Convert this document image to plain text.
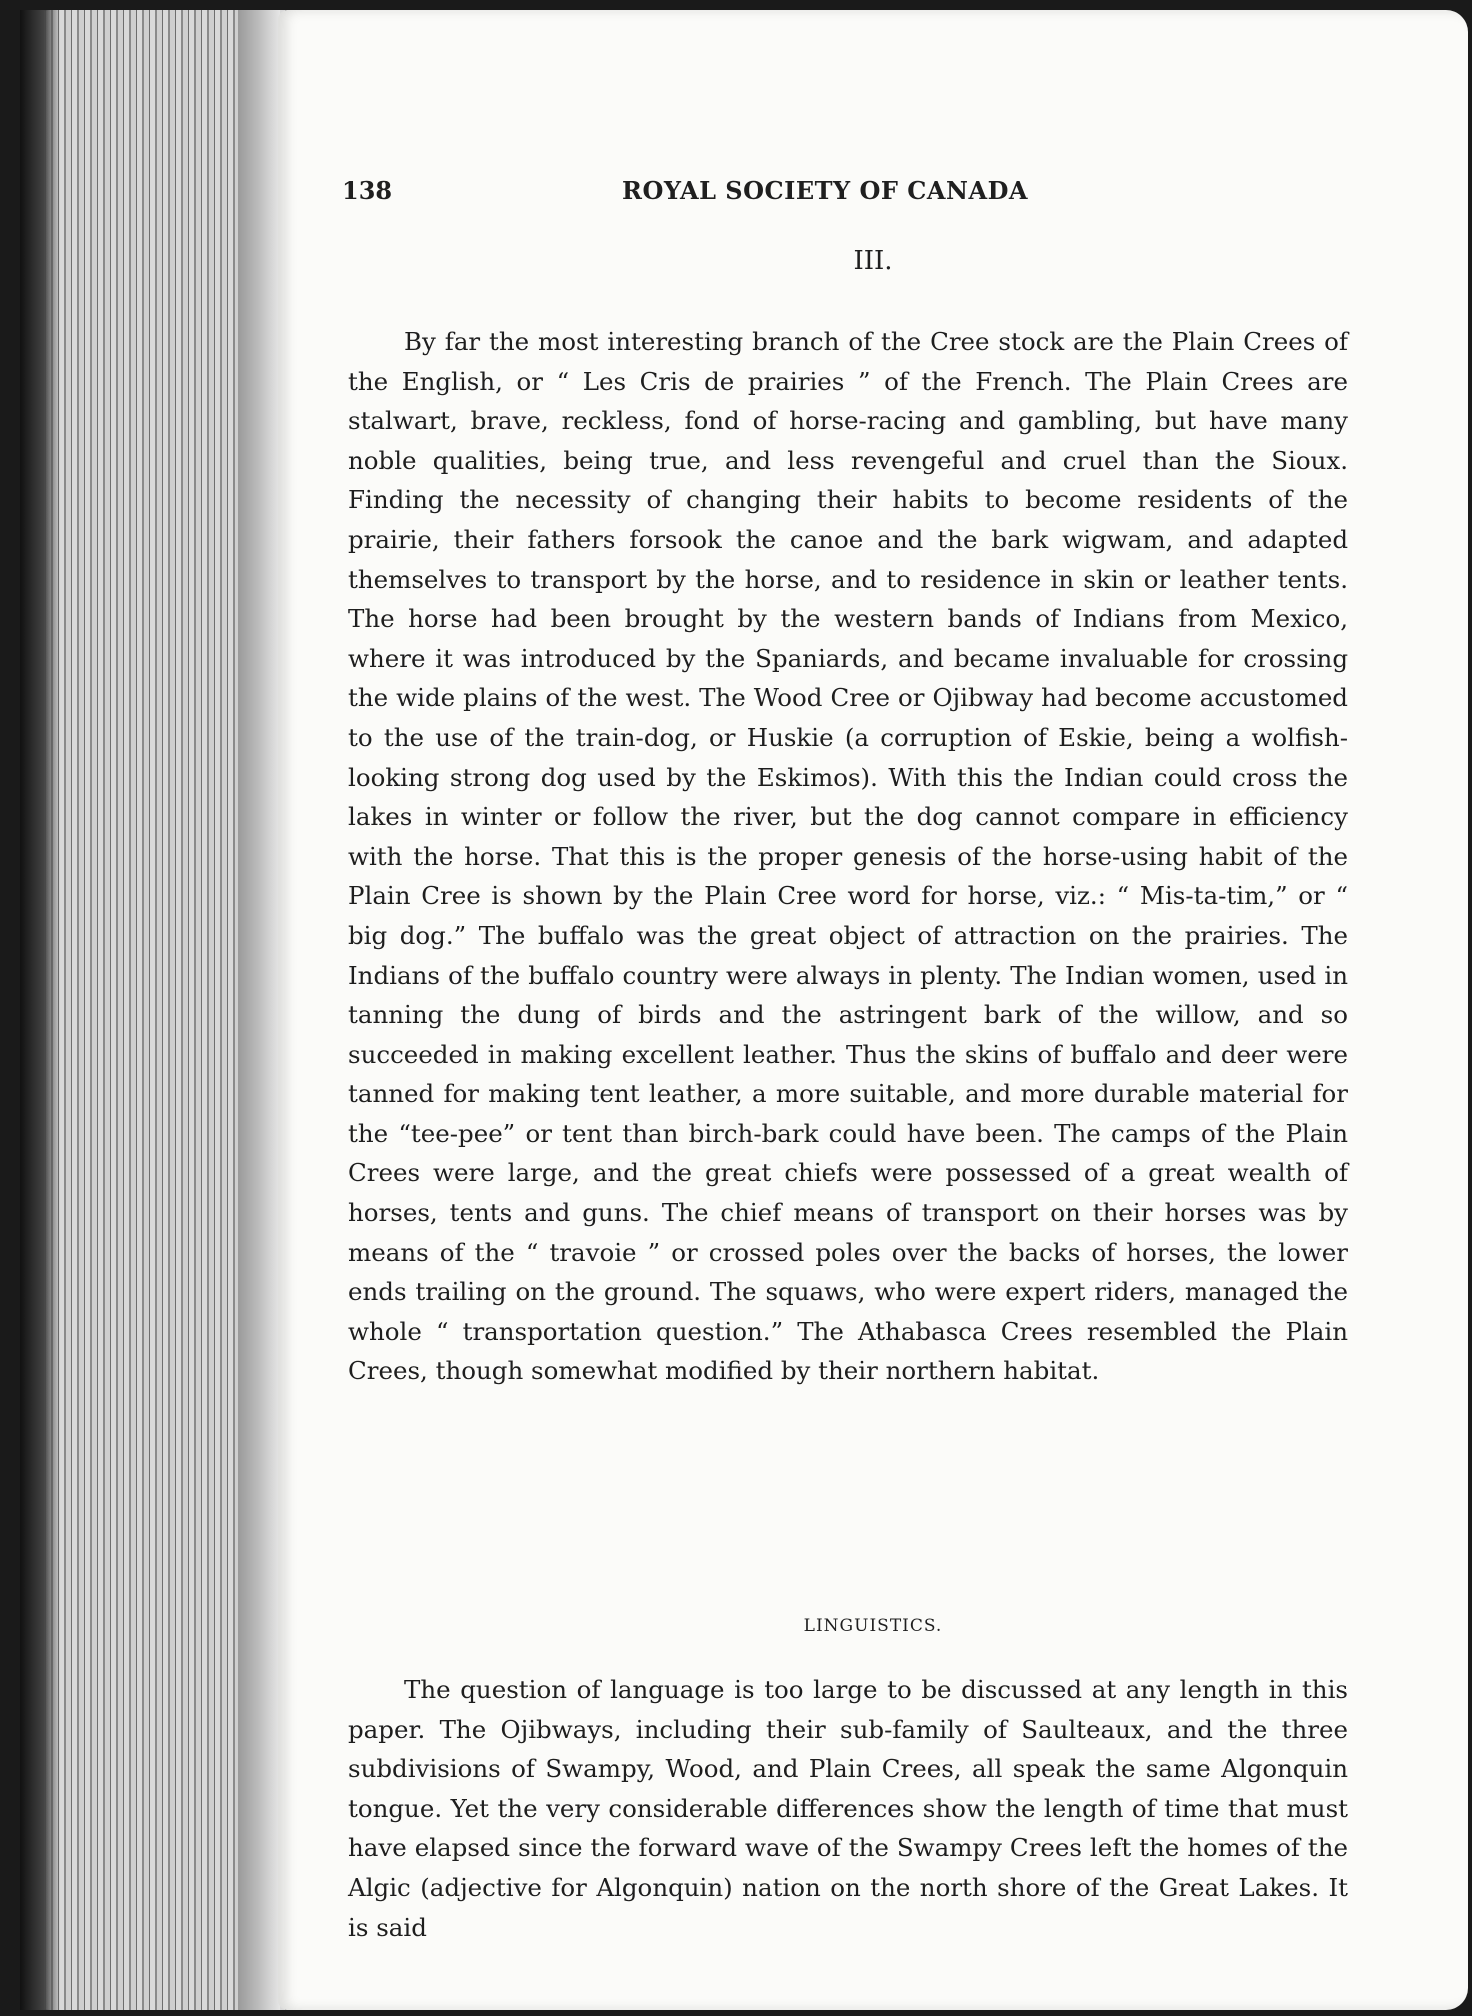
138	ROYAL SOCIETY OF CANADA
III.

By far the most interesting branch of the Cree stock are the Plain Crees of the English, or “ Les Cris de prairies ” of the French. The Plain Crees are stalwart, brave, reckless, fond of horse-racing and gambling, but have many noble qualities, being true, and less revengeful and cruel than the Sioux. Finding the necessity of changing their habits to become residents of the prairie, their fathers forsook the canoe and the bark wigwam, and adapted themselves to transport by the horse, and to residence in skin or leather tents. The horse had been brought by the western bands of Indians from Mexico, where it was introduced by the Spaniards, and became invaluable for crossing the wide plains of the west. The Wood Cree or Ojibway had become accustomed to the use of the train-dog, or Huskie (a corruption of Eskie, being a wolfish-looking strong dog used by the Eskimos). With this the Indian could cross the lakes in winter or follow the river, but the dog cannot compare in efficiency with the horse. That this is the proper genesis of the horse-using habit of the Plain Cree is shown by the Plain Cree word for horse, viz.: “ Mis-ta-tim,” or “ big dog.” The buffalo was the great object of attraction on the prairies. The Indians of the buffalo country were always in plenty. The Indian women, used in tanning the dung of birds and the astringent bark of the willow, and so succeeded in making excellent leather. Thus the skins of buffalo and deer were tanned for making tent leather, a more suitable, and more durable material for the “tee-pee” or tent than birch-bark could have been. The camps of the Plain Crees were large, and the great chiefs were possessed of a great wealth of horses, tents and guns. The chief means of transport on their horses was by means of the “ travoie ” or crossed poles over the backs of horses, the lower ends trailing on the ground. The squaws, who were expert riders, managed the whole “ transportation question.” The Athabasca Crees resembled the Plain Crees, though somewhat modified by their northern habitat.

LINGUISTICS.

The question of language is too large to be discussed at any length in this paper. The Ojibways, including their sub-family of Saulteaux, and the three subdivisions of Swampy, Wood, and Plain Crees, all speak the same Algonquin tongue. Yet the very considerable differences show the length of time that must have elapsed since the forward wave of the Swampy Crees left the homes of the Algic (adjective for Algonquin) nation on the north shore of the Great Lakes. It is said
